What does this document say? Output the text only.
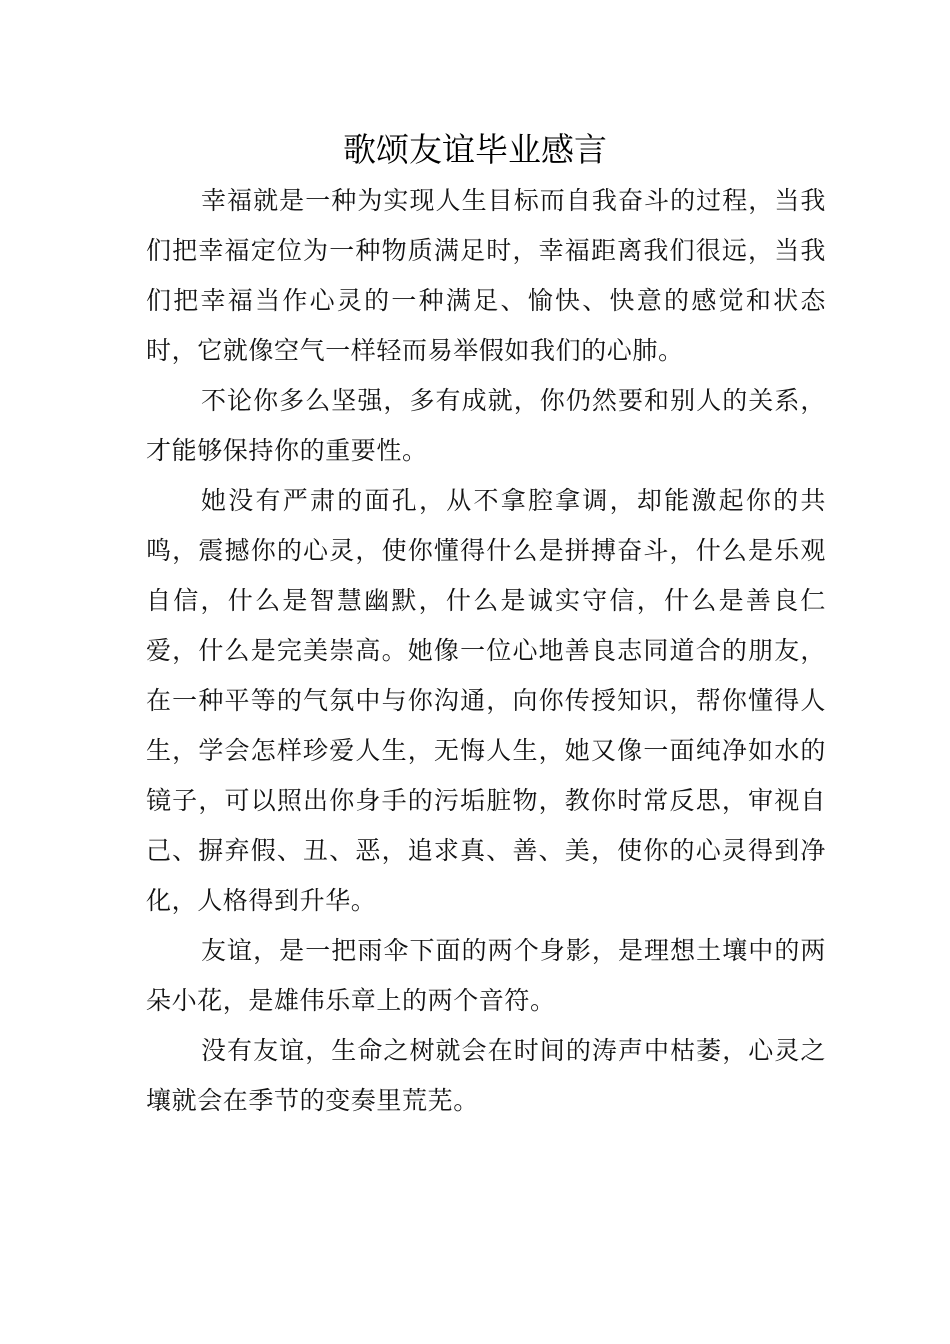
歌颂友谊毕业感言

幸福就是一种为实现人生目标而自我奋斗的过程，当我们把幸福定位为一种物质满足时，幸福距离我们很远，当我们把幸福当作心灵的一种满足、愉快、快意的感觉和状态时，它就像空气一样轻而易举假如我们的心肺。

不论你多么坚强，多有成就，你仍然要和别人的关系，才能够保持你的重要性。

她没有严肃的面孔，从不拿腔拿调，却能激起你的共鸣，震撼你的心灵，使你懂得什么是拼搏奋斗，什么是乐观自信，什么是智慧幽默，什么是诚实守信，什么是善良仁爱，什么是完美崇高。她像一位心地善良志同道合的朋友，在一种平等的气氛中与你沟通，向你传授知识，帮你懂得人生，学会怎样珍爱人生，无悔人生，她又像一面纯净如水的镜子，可以照出你身手的污垢脏物，教你时常反思，审视自己、摒弃假、丑、恶，追求真、善、美，使你的心灵得到净化，人格得到升华。

友谊，是一把雨伞下面的两个身影，是理想土壤中的两朵小花，是雄伟乐章上的两个音符。

没有友谊，生命之树就会在时间的涛声中枯萎，心灵之壤就会在季节的变奏里荒芜。
